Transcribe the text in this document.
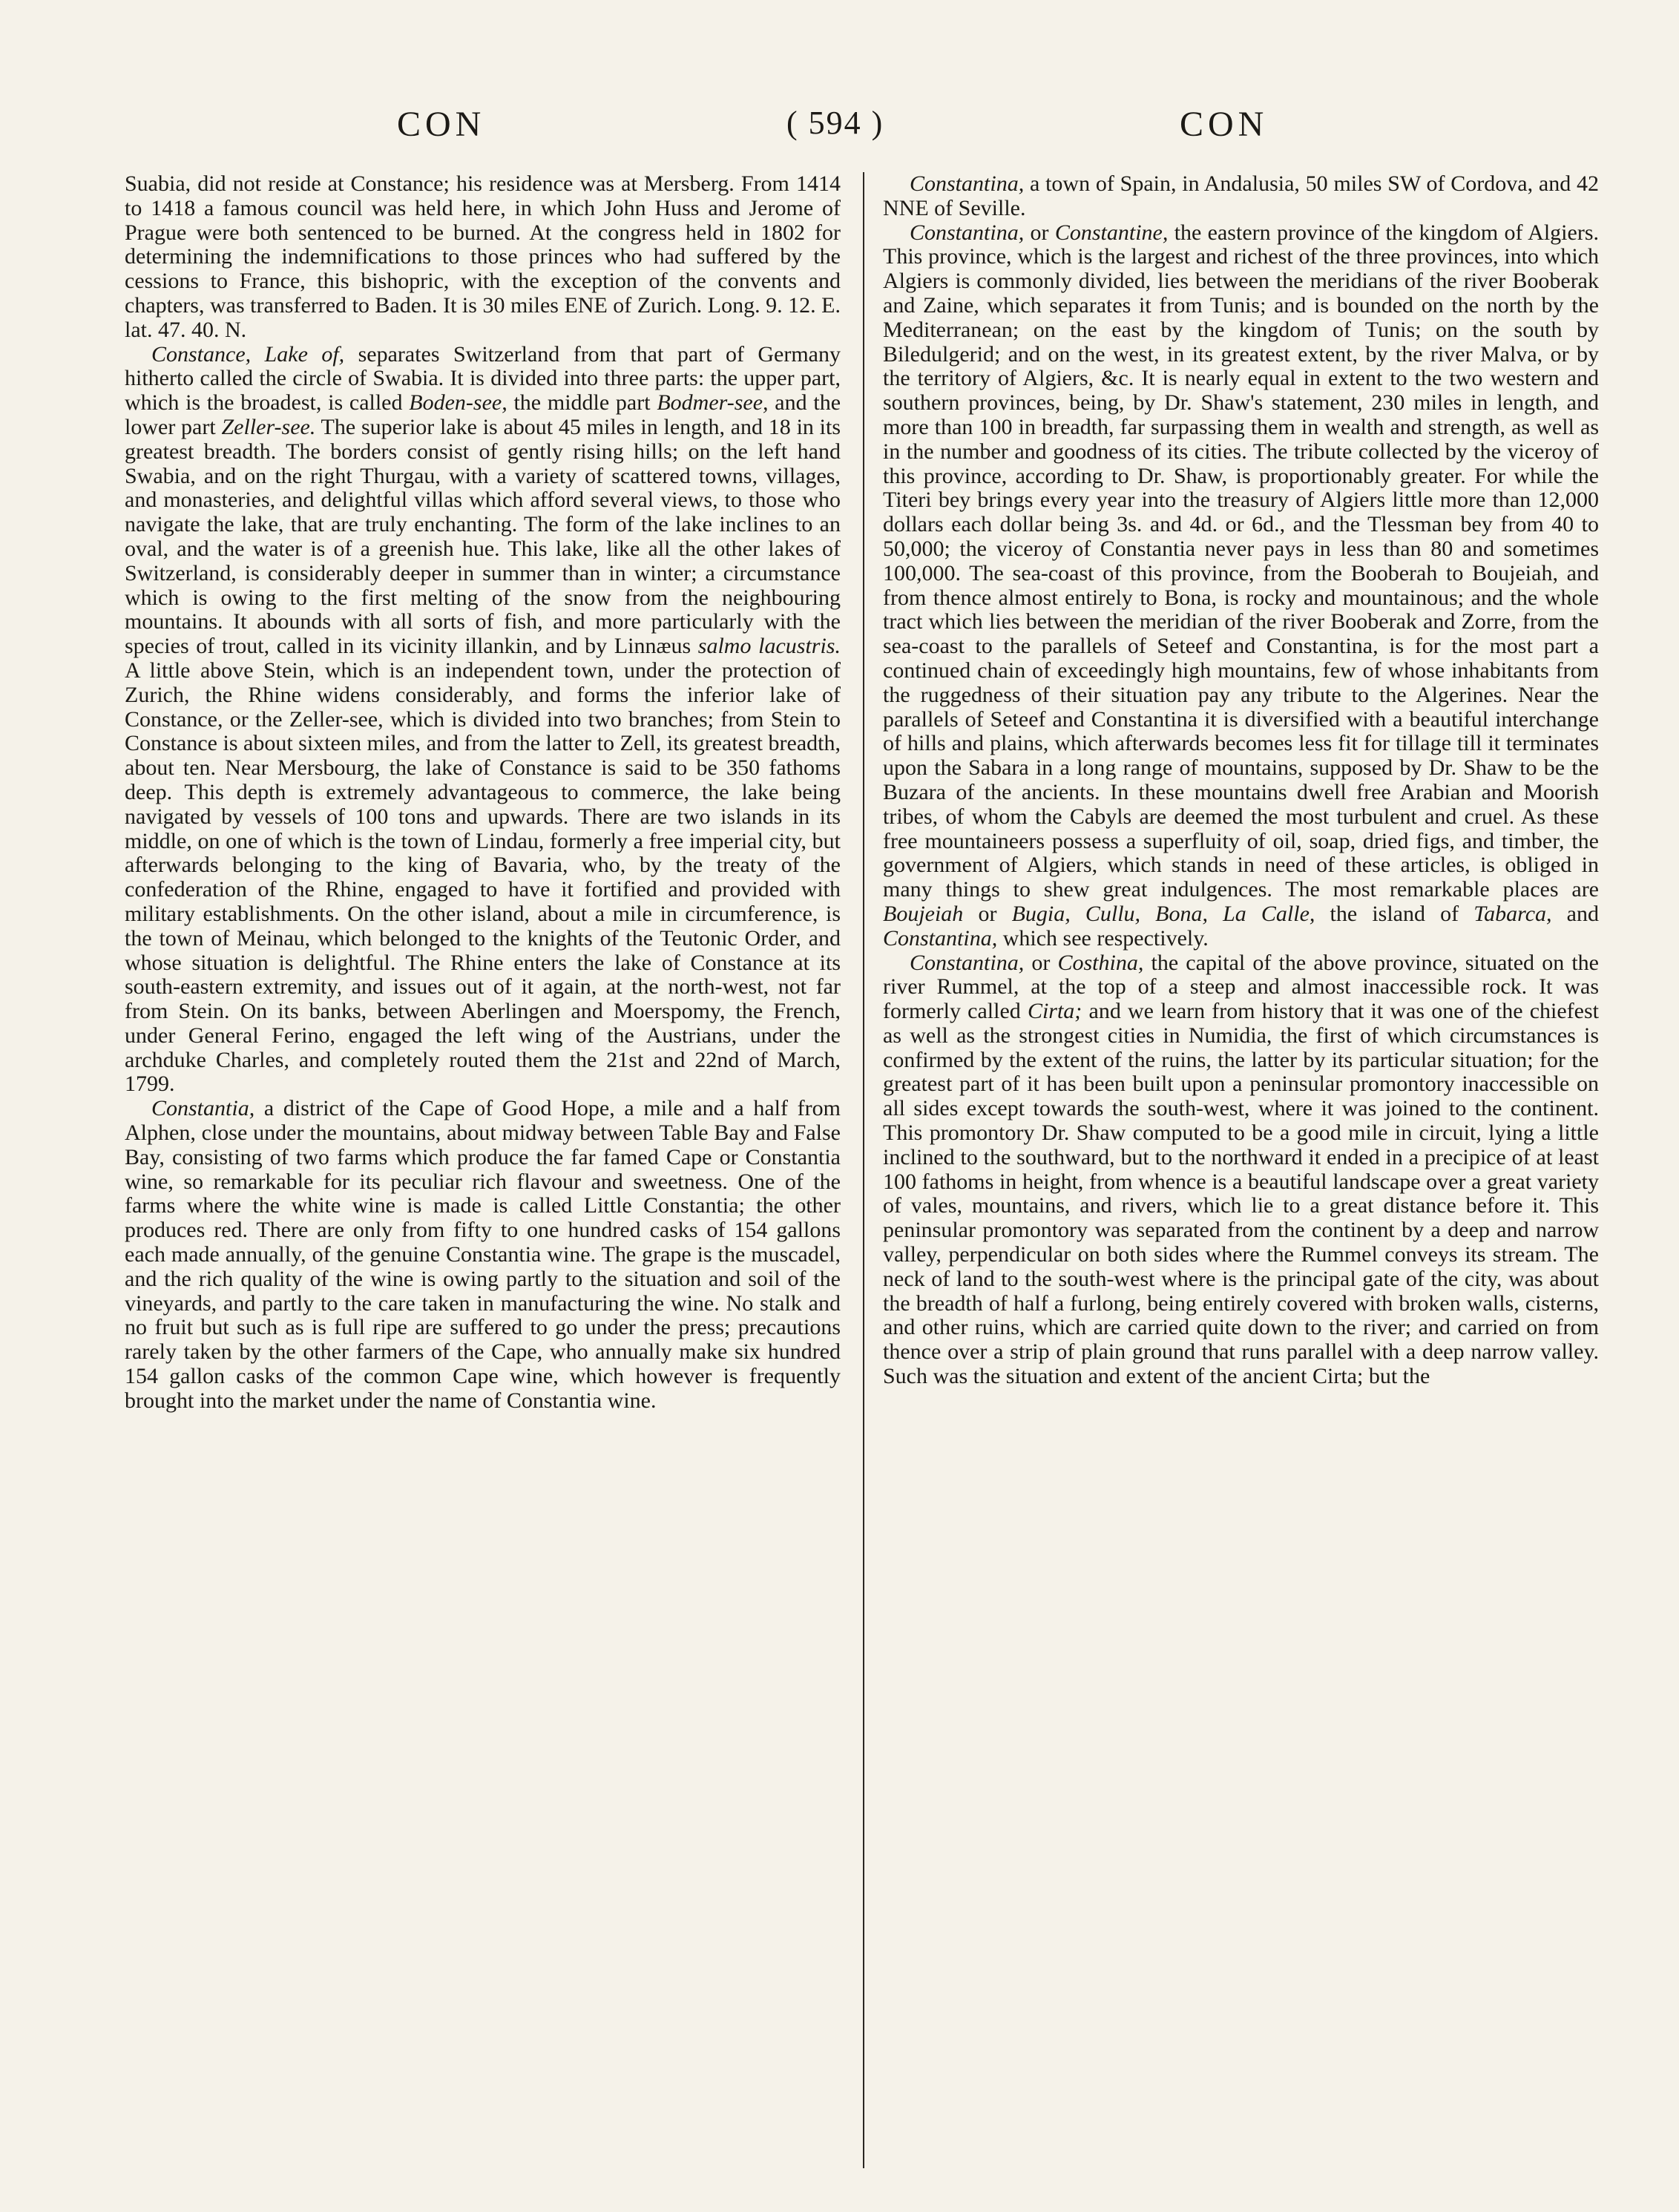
CON	( 594 )	CON

Suabia, did not reside at Constance; his residence was at Mersberg. From 1414 to 1418 a famous council was held here, in which John Huss and Jerome of Prague were both sentenced to be burned. At the congress held in 1802 for determining the indemnifications to those princes who had suffered by the cessions to France, this bishopric, with the exception of the convents and chapters, was transferred to Baden. It is 30 miles ENE of Zurich. Long. 9. 12. E. lat. 47. 40. N.

Constance, Lake of, separates Switzerland from that part of Germany hitherto called the circle of Swabia. It is divided into three parts: the upper part, which is the broadest, is called Boden-see, the middle part Bodmer-see, and the lower part Zeller-see. The superior lake is about 45 miles in length, and 18 in its greatest breadth. The borders consist of gently rising hills; on the left hand Swabia, and on the right Thurgau, with a variety of scattered towns, villages, and monasteries, and delightful villas which afford several views, to those who navigate the lake, that are truly enchanting. The form of the lake inclines to an oval, and the water is of a greenish hue. This lake, like all the other lakes of Switzerland, is considerably deeper in summer than in winter; a circumstance which is owing to the first melting of the snow from the neighbouring mountains. It abounds with all sorts of fish, and more particularly with the species of trout, called in its vicinity illankin, and by Linnæus salmo lacustris. A little above Stein, which is an independent town, under the protection of Zurich, the Rhine widens considerably, and forms the inferior lake of Constance, or the Zeller-see, which is divided into two branches; from Stein to Constance is about sixteen miles, and from the latter to Zell, its greatest breadth, about ten. Near Mersbourg, the lake of Constance is said to be 350 fathoms deep. This depth is extremely advantageous to commerce, the lake being navigated by vessels of 100 tons and upwards. There are two islands in its middle, on one of which is the town of Lindau, formerly a free imperial city, but afterwards belonging to the king of Bavaria, who, by the treaty of the confederation of the Rhine, engaged to have it fortified and provided with military establishments. On the other island, about a mile in circumference, is the town of Meinau, which belonged to the knights of the Teutonic Order, and whose situation is delightful. The Rhine enters the lake of Constance at its south-eastern extremity, and issues out of it again, at the north-west, not far from Stein. On its banks, between Aberlingen and Moerspomy, the French, under General Ferino, engaged the left wing of the Austrians, under the archduke Charles, and completely routed them the 21st and 22nd of March, 1799.

Constantia, a district of the Cape of Good Hope, a mile and a half from Alphen, close under the mountains, about midway between Table Bay and False Bay, consisting of two farms which produce the far famed Cape or Constantia wine, so remarkable for its peculiar rich flavour and sweetness. One of the farms where the white wine is made is called Little Constantia; the other produces red. There are only from fifty to one hundred casks of 154 gallons each made annually, of the genuine Constantia wine. The grape is the muscadel, and the rich quality of the wine is owing partly to the situation and soil of the vineyards, and partly to the care taken in manufacturing the wine. No stalk and no fruit but such as is full ripe are suffered to go under the press; precautions rarely taken by the other farmers of the Cape, who annually make six hundred 154 gallon casks of the common Cape wine, which however is frequently brought into the market under the name of Constantia wine.

Constantina, a town of Spain, in Andalusia, 50 miles SW of Cordova, and 42 NNE of Seville.

Constantina, or Constantine, the eastern province of the kingdom of Algiers. This province, which is the largest and richest of the three provinces, into which Algiers is commonly divided, lies between the meridians of the river Booberak and Zaine, which separates it from Tunis; and is bounded on the north by the Mediterranean; on the east by the kingdom of Tunis; on the south by Biledulgerid; and on the west, in its greatest extent, by the river Malva, or by the territory of Algiers, &c. It is nearly equal in extent to the two western and southern provinces, being, by Dr. Shaw's statement, 230 miles in length, and more than 100 in breadth, far surpassing them in wealth and strength, as well as in the number and goodness of its cities. The tribute collected by the viceroy of this province, according to Dr. Shaw, is proportionably greater. For while the Titeri bey brings every year into the treasury of Algiers little more than 12,000 dollars each dollar being 3s. and 4d. or 6d., and the Tlessman bey from 40 to 50,000; the viceroy of Constantia never pays in less than 80 and sometimes 100,000. The sea-coast of this province, from the Booberah to Boujeiah, and from thence almost entirely to Bona, is rocky and mountainous; and the whole tract which lies between the meridian of the river Booberak and Zorre, from the sea-coast to the parallels of Seteef and Constantina, is for the most part a continued chain of exceedingly high mountains, few of whose inhabitants from the ruggedness of their situation pay any tribute to the Algerines. Near the parallels of Seteef and Constantina it is diversified with a beautiful interchange of hills and plains, which afterwards becomes less fit for tillage till it terminates upon the Sabara in a long range of mountains, supposed by Dr. Shaw to be the Buzara of the ancients. In these mountains dwell free Arabian and Moorish tribes, of whom the Cabyls are deemed the most turbulent and cruel. As these free mountaineers possess a superfluity of oil, soap, dried figs, and timber, the government of Algiers, which stands in need of these articles, is obliged in many things to shew great indulgences. The most remarkable places are Boujeiah or Bugia, Cullu, Bona, La Calle, the island of Tabarca, and Constantina, which see respectively.

Constantina, or Costhina, the capital of the above province, situated on the river Rummel, at the top of a steep and almost inaccessible rock. It was formerly called Cirta; and we learn from history that it was one of the chiefest as well as the strongest cities in Numidia, the first of which circumstances is confirmed by the extent of the ruins, the latter by its particular situation; for the greatest part of it has been built upon a peninsular promontory inaccessible on all sides except towards the south-west, where it was joined to the continent. This promontory Dr. Shaw computed to be a good mile in circuit, lying a little inclined to the southward, but to the northward it ended in a precipice of at least 100 fathoms in height, from whence is a beautiful landscape over a great variety of vales, mountains, and rivers, which lie to a great distance before it. This peninsular promontory was separated from the continent by a deep and narrow valley, perpendicular on both sides where the Rummel conveys its stream. The neck of land to the south-west where is the principal gate of the city, was about the breadth of half a furlong, being entirely covered with broken walls, cisterns, and other ruins, which are carried quite down to the river; and carried on from thence over a strip of plain ground that runs parallel with a deep narrow valley. Such was the situation and extent of the ancient Cirta; but the
